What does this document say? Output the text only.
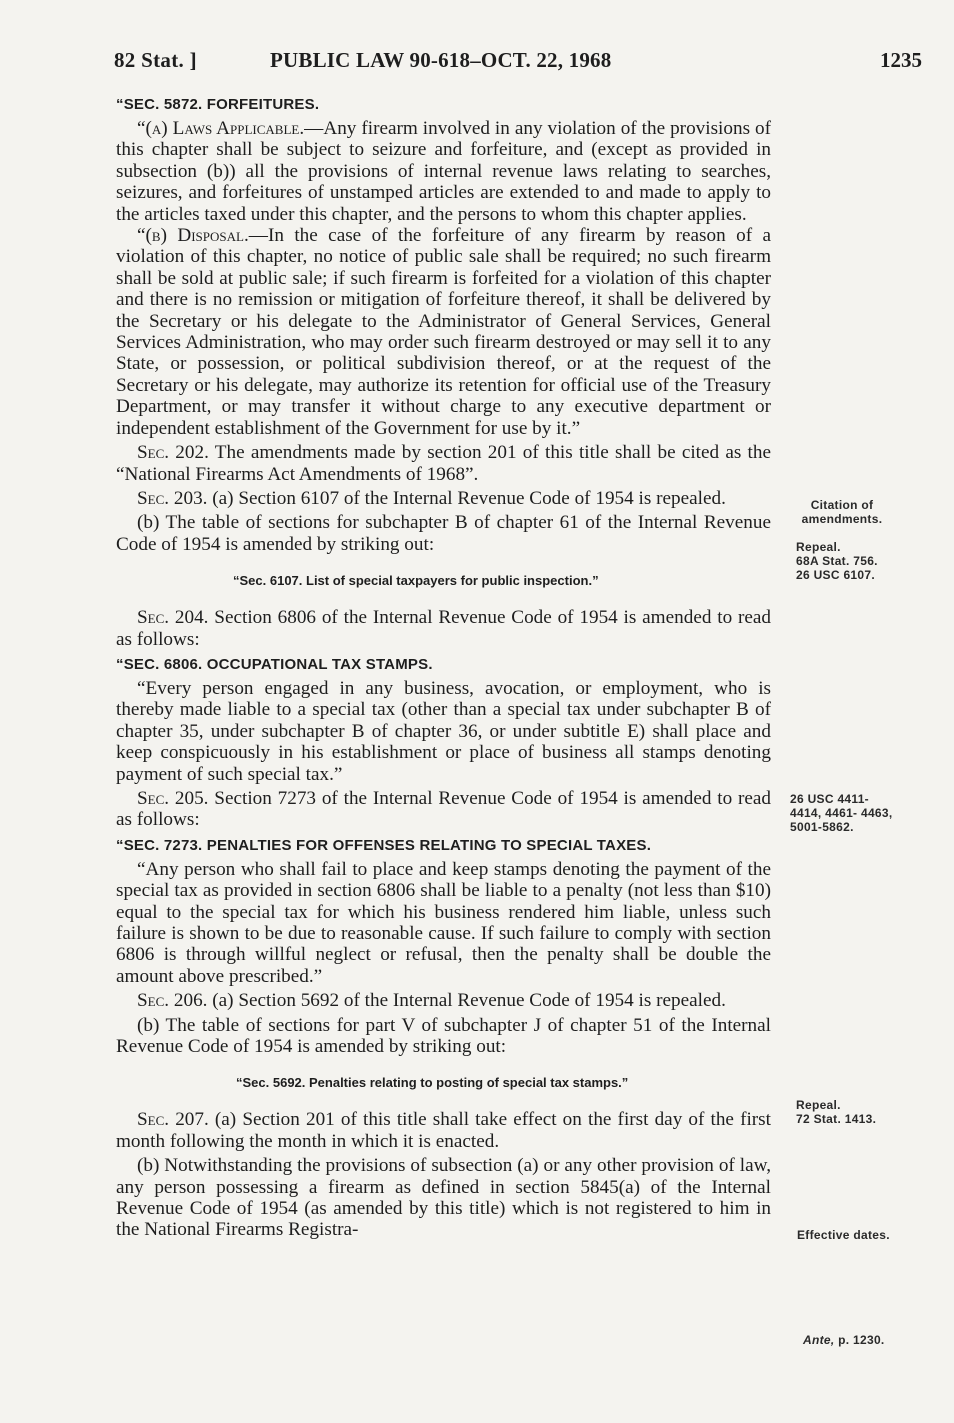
82 Stat. ]	PUBLIC LAW 90-618–OCT. 22, 1968	1235
“SEC. 5872. FORFEITURES.

“(a) Laws Applicable.—Any firearm involved in any violation of the provisions of this chapter shall be subject to seizure and forfeiture, and (except as provided in subsection (b)) all the provisions of internal revenue laws relating to searches, seizures, and forfeitures of unstamped articles are extended to and made to apply to the articles taxed under this chapter, and the persons to whom this chapter applies.

“(b) Disposal.—In the case of the forfeiture of any firearm by reason of a violation of this chapter, no notice of public sale shall be required; no such firearm shall be sold at public sale; if such firearm is forfeited for a violation of this chapter and there is no remission or mitigation of forfeiture thereof, it shall be delivered by the Secretary or his delegate to the Administrator of General Services, General Services Administration, who may order such firearm destroyed or may sell it to any State, or possession, or political subdivision thereof, or at the request of the Secretary or his delegate, may authorize its retention for official use of the Treasury Department, or may transfer it without charge to any executive department or independent establishment of the Government for use by it.”

Sec. 202. The amendments made by section 201 of this title shall be cited as the “National Firearms Act Amendments of 1968”.

Sec. 203. (a) Section 6107 of the Internal Revenue Code of 1954 is repealed.

(b) The table of sections for subchapter B of chapter 61 of the Internal Revenue Code of 1954 is amended by striking out:

“Sec. 6107. List of special taxpayers for public inspection.”

Sec. 204. Section 6806 of the Internal Revenue Code of 1954 is amended to read as follows:

“SEC. 6806. OCCUPATIONAL TAX STAMPS.

“Every person engaged in any business, avocation, or employment, who is thereby made liable to a special tax (other than a special tax under subchapter B of chapter 35, under subchapter B of chapter 36, or under subtitle E) shall place and keep conspicuously in his establishment or place of business all stamps denoting payment of such special tax.”

Sec. 205. Section 7273 of the Internal Revenue Code of 1954 is amended to read as follows:

“SEC. 7273. PENALTIES FOR OFFENSES RELATING TO SPECIAL TAXES.

“Any person who shall fail to place and keep stamps denoting the payment of the special tax as provided in section 6806 shall be liable to a penalty (not less than $10) equal to the special tax for which his business rendered him liable, unless such failure is shown to be due to reasonable cause. If such failure to comply with section 6806 is through willful neglect or refusal, then the penalty shall be double the amount above prescribed.”

Sec. 206. (a) Section 5692 of the Internal Revenue Code of 1954 is repealed.

(b) The table of sections for part V of subchapter J of chapter 51 of the Internal Revenue Code of 1954 is amended by striking out:

“Sec. 5692. Penalties relating to posting of special tax stamps.”

Sec. 207. (a) Section 201 of this title shall take effect on the first day of the first month following the month in which it is enacted.

(b) Notwithstanding the provisions of subsection (a) or any other provision of law, any person possessing a firearm as defined in section 5845(a) of the Internal Revenue Code of 1954 (as amended by this title) which is not registered to him in the National Firearms Registra-

Citation of
amendments.
Repeal.
68A Stat. 756.
26 USC 6107.
26 USC 4411-
4414, 4461- 4463,
5001-5862.
Repeal.
72 Stat. 1413.
Effective dates.
Ante, p. 1230.
